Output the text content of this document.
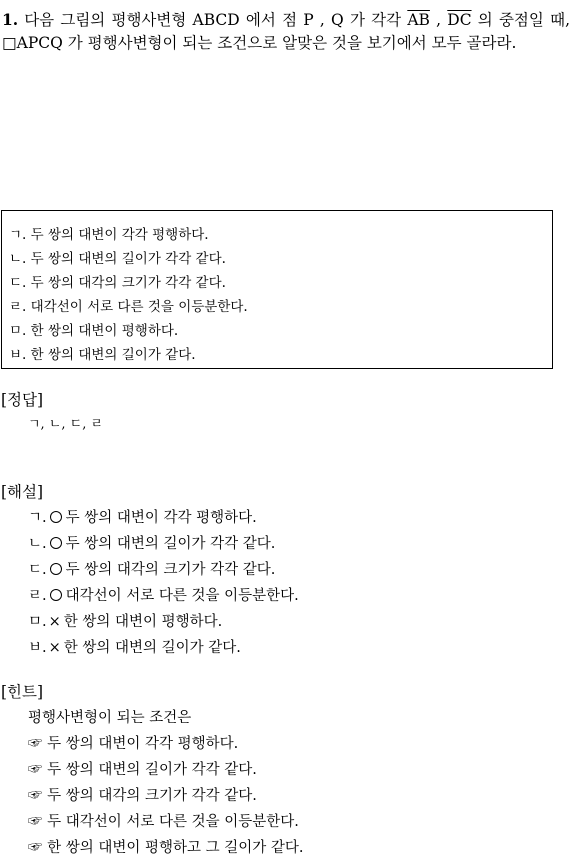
1. 다음 그림의 평행사변형 ABCD 에서 점 P , Q 가 각각 $\overline{AB}$ , $\overline{DC}$ 의 중점일 때, □APCQ 가 평행사변형이 되는 조건으로 알맞은 것을 보기에서 모두 골라라.
ㄱ. 두 쌍의 대변이 각각 평행하다.
ㄴ. 두 쌍의 대변의 길이가 각각 같다.
ㄷ. 두 쌍의 대각의 크기가 각각 같다.
ㄹ. 대각선이 서로 다른 것을 이등분한다.
ㅁ. 한 쌍의 대변이 평행하다.
ㅂ. 한 쌍의 대변의 길이가 같다.
[정답]
ㄱ, ㄴ, ㄷ, ㄹ
[해설]
ㄱ. ○ 두 쌍의 대변이 각각 평행하다.
ㄴ. ○ 두 쌍의 대변의 길이가 각각 같다.
ㄷ. ○ 두 쌍의 대각의 크기가 각각 같다.
ㄹ. ○ 대각선이 서로 다른 것을 이등분한다.
ㅁ. × 한 쌍의 대변이 평행하다.
ㅂ. × 한 쌍의 대변의 길이가 같다.
[힌트]
평행사변형이 되는 조건은
☞ 두 쌍의 대변이 각각 평행하다.
☞ 두 쌍의 대변의 길이가 각각 같다.
☞ 두 쌍의 대각의 크기가 각각 같다.
☞ 두 대각선이 서로 다른 것을 이등분한다.
☞ 한 쌍의 대변이 평행하고 그 길이가 같다.
